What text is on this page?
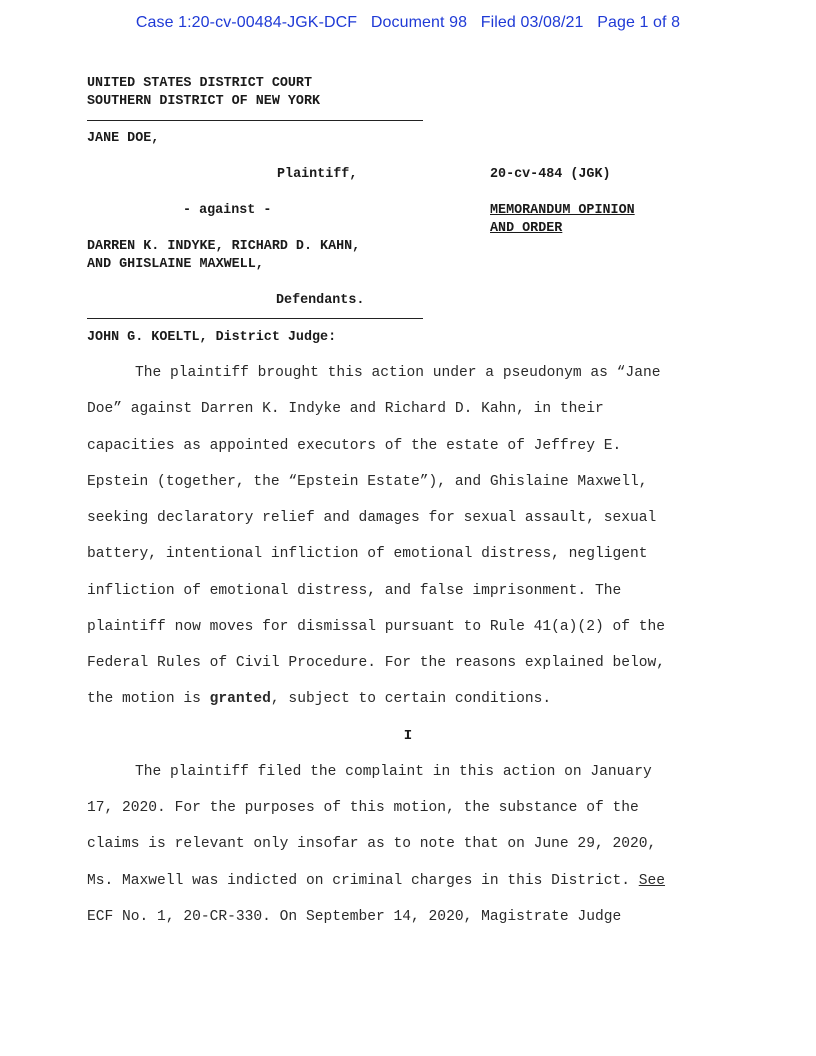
Case 1:20-cv-00484-JGK-DCF Document 98 Filed 03/08/21 Page 1 of 8
UNITED STATES DISTRICT COURT
SOUTHERN DISTRICT OF NEW YORK
JANE DOE,
Plaintiff,	20-cv-484 (JGK)
- against -	MEMORANDUM OPINION
AND ORDER
DARREN K. INDYKE, RICHARD D. KAHN,
AND GHISLAINE MAXWELL,
Defendants.
JOHN G. KOELTL, District Judge:
The plaintiff brought this action under a pseudonym as “Jane
Doe” against Darren K. Indyke and Richard D. Kahn, in their
capacities as appointed executors of the estate of Jeffrey E.
Epstein (together, the “Epstein Estate”), and Ghislaine Maxwell,
seeking declaratory relief and damages for sexual assault, sexual
battery, intentional infliction of emotional distress, negligent
infliction of emotional distress, and false imprisonment. The
plaintiff now moves for dismissal pursuant to Rule 41(a)(2) of the
Federal Rules of Civil Procedure. For the reasons explained below,
the motion is granted, subject to certain conditions.
I
The plaintiff filed the complaint in this action on January
17, 2020. For the purposes of this motion, the substance of the
claims is relevant only insofar as to note that on June 29, 2020,
Ms. Maxwell was indicted on criminal charges in this District. See
ECF No. 1, 20-CR-330. On September 14, 2020, Magistrate Judge
